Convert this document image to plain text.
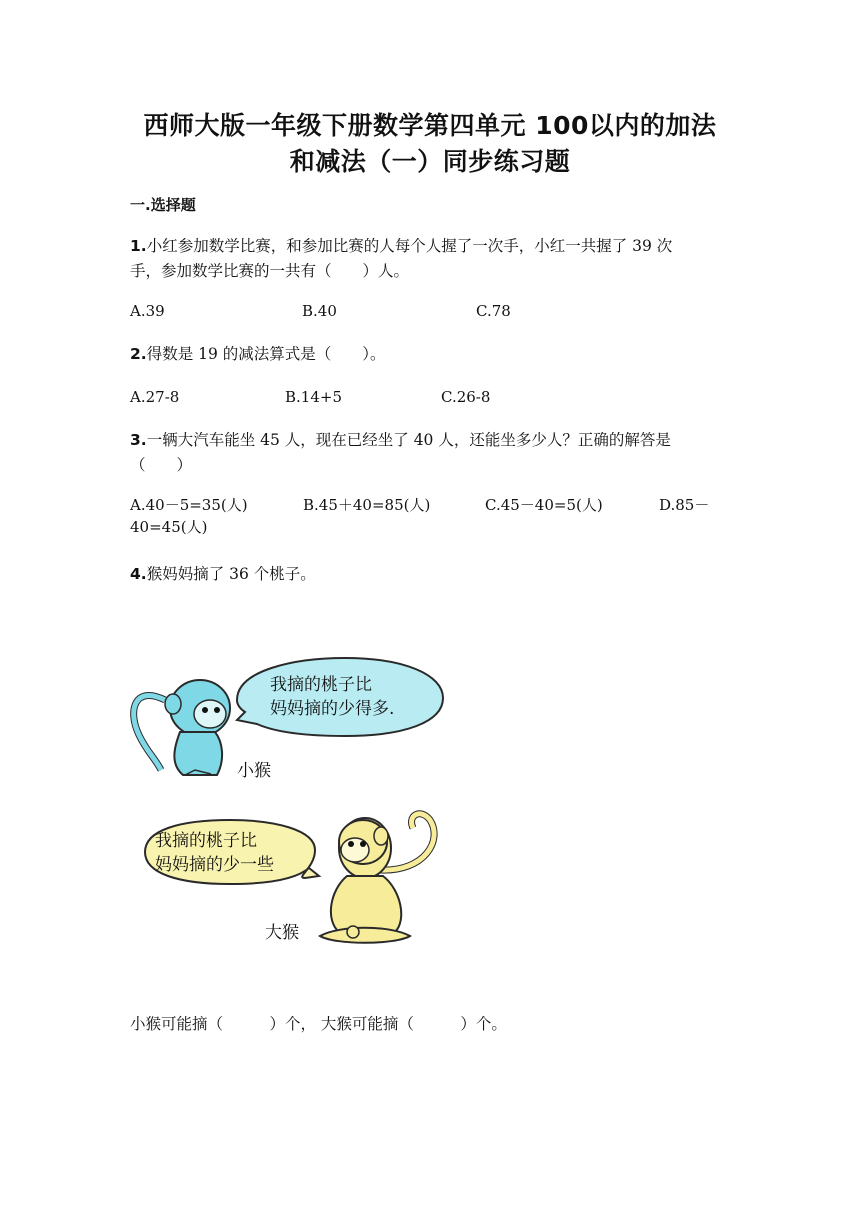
西师大版一年级下册数学第四单元 100以内的加法
和减法（一）同步练习题
一.选择题
1.小红参加数学比赛，和参加比赛的人每个人握了一次手，小红一共握了 39 次
手，参加数学比赛的一共有（　　）人。
A.39	B.40	C.78
2.得数是 19 的减法算式是（　　）。
A.27-8	B.14+5	C.26-8
3.一辆大汽车能坐 45 人，现在已经坐了 40 人，还能坐多少人？正确的解答是
（　　）
A.40－5=35(人)	B.45＋40=85(人)	C.45－40=5(人)	D.85－
40=45(人)
4.猴妈妈摘了 36 个桃子。
我摘的桃子比
妈妈摘的少得多.
小猴
我摘的桃子比
妈妈摘的少一些
大猴
小猴可能摘（　　　）个， 大猴可能摘（　　　）个。
